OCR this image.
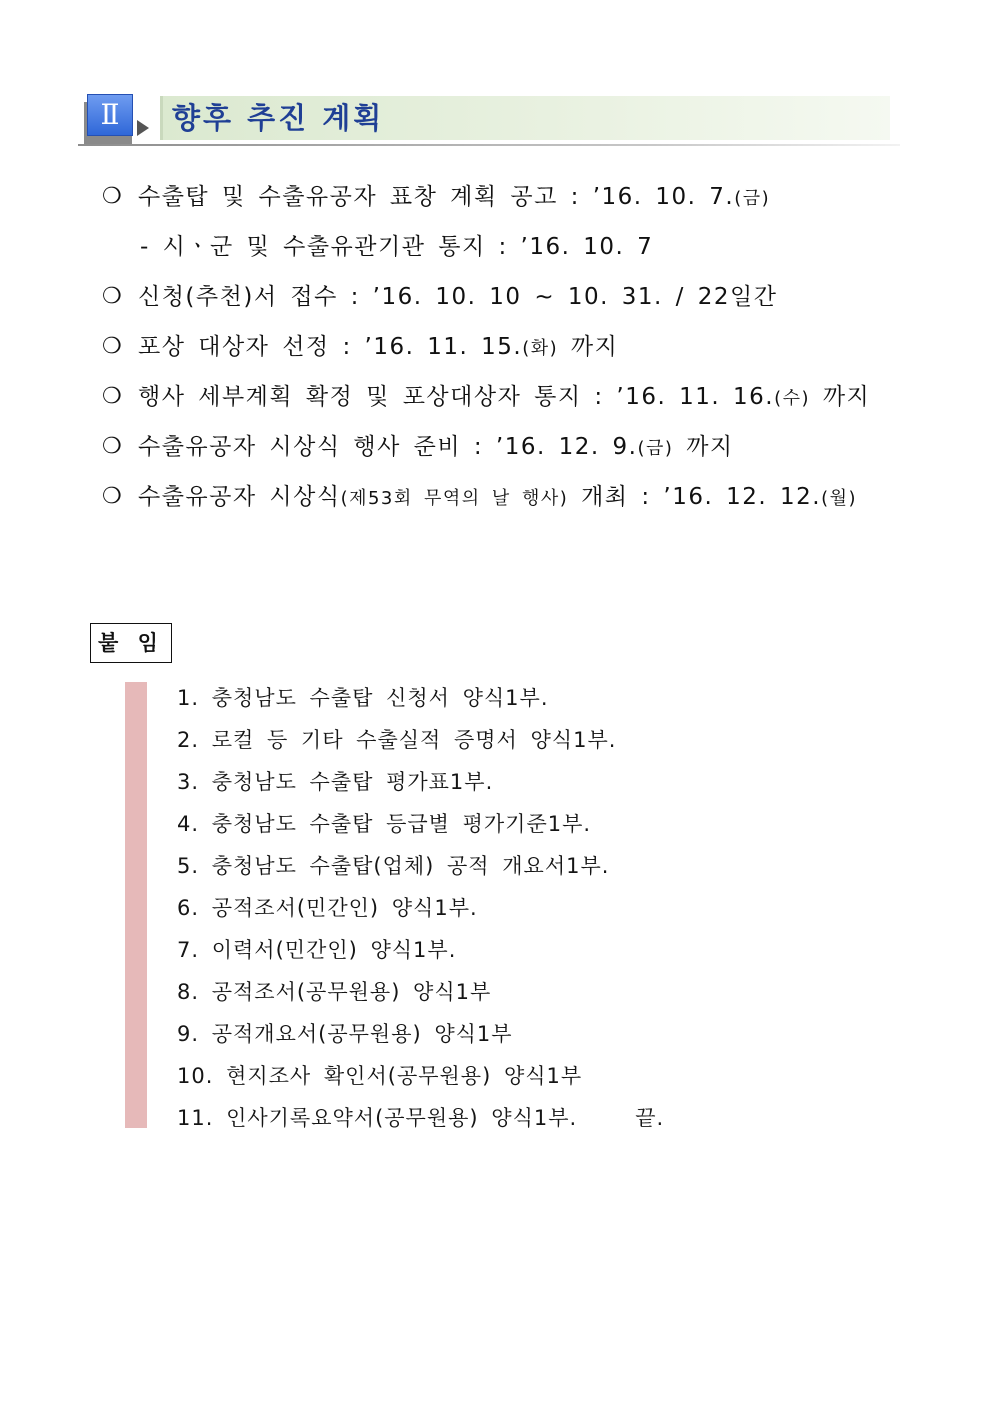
Ⅱ	향후 추진 계획
❍ 수출탑 및 수출유공자 표창 계획 공고 : ’16. 10. 7.(금)
- 시ㆍ군 및 수출유관기관 통지 : ’16. 10. 7
❍ 신청(추천)서 접수 : ’16. 10. 10 ~ 10. 31. / 22일간
❍ 포상 대상자 선정 : ’16. 11. 15.(화) 까지
❍ 행사 세부계획 확정 및 포상대상자 통지 : ’16. 11. 16.(수) 까지
❍ 수출유공자 시상식 행사 준비 : ’16. 12. 9.(금) 까지
❍ 수출유공자 시상식(제53회 무역의 날 행사) 개최 : ’16. 12. 12.(월)
붙 임
1. 충청남도 수출탑 신청서 양식1부.
2. 로컬 등 기타 수출실적 증명서 양식1부.
3. 충청남도 수출탑 평가표1부.
4. 충청남도 수출탑 등급별 평가기준1부.
5. 충청남도 수출탑(업체) 공적 개요서1부.
6. 공적조서(민간인) 양식1부.
7. 이력서(민간인) 양식1부.
8. 공적조서(공무원용) 양식1부
9. 공적개요서(공무원용) 양식1부
10. 현지조사 확인서(공무원용) 양식1부
11. 인사기록요약서(공무원용) 양식1부.	끝.
